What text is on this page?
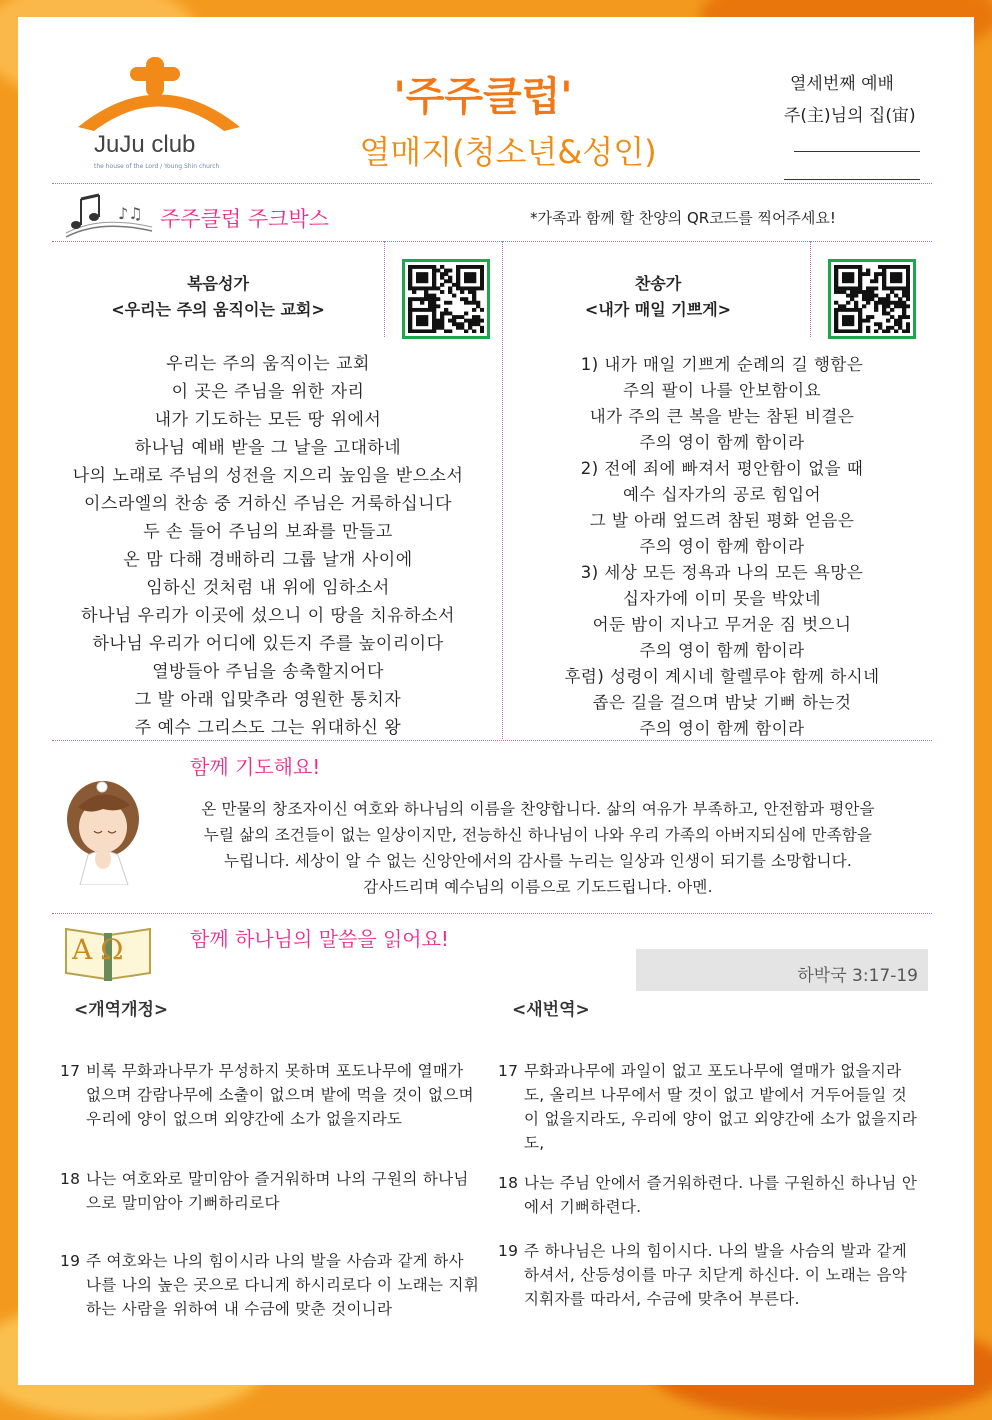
JuJu club
the house of the Lord / Young Shin church
'주주클럽'
열매지(청소년&성인)
열세번째 예배
주(主)님의 집(宙)
♪♫ 주주클럽 주크박스	*가족과 함께 할 찬양의 QR코드를 찍어주세요!
복음성가
<우리는 주의 움직이는 교회>
우리는 주의 움직이는 교회
이 곳은 주님을 위한 자리
내가 기도하는 모든 땅 위에서
하나님 예배 받을 그 날을 고대하네
나의 노래로 주님의 성전을 지으리 높임을 받으소서
이스라엘의 찬송 중 거하신 주님은 거룩하십니다
두 손 들어 주님의 보좌를 만들고
온 맘 다해 경배하리 그룹 날개 사이에
임하신 것처럼 내 위에 임하소서
하나님 우리가 이곳에 섰으니 이 땅을 치유하소서
하나님 우리가 어디에 있든지 주를 높이리이다
열방들아 주님을 송축할지어다
그 발 아래 입맞추라 영원한 통치자
주 예수 그리스도 그는 위대하신 왕
찬송가
<내가 매일 기쁘게>
1) 내가 매일 기쁘게 순례의 길 행함은
주의 팔이 나를 안보함이요
내가 주의 큰 복을 받는 참된 비결은
주의 영이 함께 함이라
2) 전에 죄에 빠져서 평안함이 없을 때
예수 십자가의 공로 힘입어
그 발 아래 엎드려 참된 평화 얻음은
주의 영이 함께 함이라
3) 세상 모든 정욕과 나의 모든 욕망은
십자가에 이미 못을 박았네
어둔 밤이 지나고 무거운 짐 벗으니
주의 영이 함께 함이라
후렴) 성령이 계시네 할렐루야 함께 하시네
좁은 길을 걸으며 밤낮 기뻐 하는것
주의 영이 함께 함이라
함께 기도해요!
온 만물의 창조자이신 여호와 하나님의 이름을 찬양합니다. 삶의 여유가 부족하고, 안전함과 평안을
누릴 삶의 조건들이 없는 일상이지만, 전능하신 하나님이 나와 우리 가족의 아버지되심에 만족함을
누립니다. 세상이 알 수 없는 신앙안에서의 감사를 누리는 일상과 인생이 되기를 소망합니다.
감사드리며 예수님의 이름으로 기도드립니다. 아멘.
AΩ	함께 하나님의 말씀을 읽어요!
하박국 3:17-19
<개역개정>	<새번역>
17 비록 무화과나무가 무성하지 못하며 포도나무에 열매가 없으며 감람나무에 소출이 없으며 밭에 먹을 것이 없으며 우리에 양이 없으며 외양간에 소가 없을지라도
18 나는 여호와로 말미암아 즐거워하며 나의 구원의 하나님으로 말미암아 기뻐하리로다
19 주 여호와는 나의 힘이시라 나의 발을 사슴과 같게 하사 나를 나의 높은 곳으로 다니게 하시리로다 이 노래는 지휘하는 사람을 위하여 내 수금에 맞춘 것이니라
17 무화과나무에 과일이 없고 포도나무에 열매가 없을지라도, 올리브 나무에서 딸 것이 없고 밭에서 거두어들일 것이 없을지라도, 우리에 양이 없고 외양간에 소가 없을지라도,
18 나는 주님 안에서 즐거워하련다. 나를 구원하신 하나님 안에서 기뻐하련다.
19 주 하나님은 나의 힘이시다. 나의 발을 사슴의 발과 같게 하셔서, 산등성이를 마구 치닫게 하신다. 이 노래는 음악 지휘자를 따라서, 수금에 맞추어 부른다.
